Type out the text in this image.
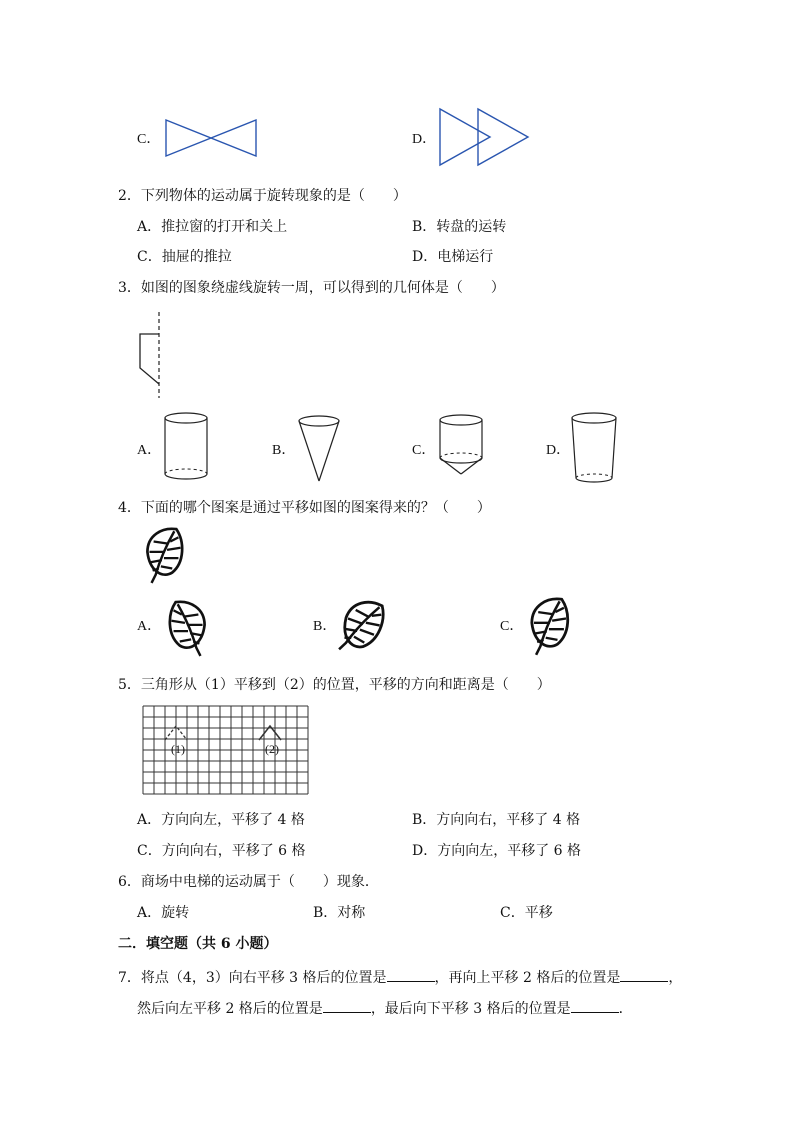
C．	D．
2．下列物体的运动属于旋转现象的是（　　）
A．推拉窗的打开和关上	B．转盘的运转
C．抽屉的推拉	D．电梯运行
3．如图的图象绕虚线旋转一周，可以得到的几何体是（　　）
A．	B．	C．	D．
4．下面的哪个图案是通过平移如图的图案得来的？（　　）
A．	B．	C．
5．三角形从（1）平移到（2）的位置，平移的方向和距离是（　　）
(1)	(2)
A．方向向左，平移了 4 格	B．方向向右，平移了 4 格
C．方向向右，平移了 6 格	D．方向向左，平移了 6 格
6．商场中电梯的运动属于（　　）现象．
A．旋转	B．对称	C．平移
二．填空题（共 6 小题）
7．将点（4，3）向右平移 3 格后的位置是	，再向上平移 2 格后的位置是	，
然后向左平移 2 格后的位置是	，最后向下平移 3 格后的位置是	．
